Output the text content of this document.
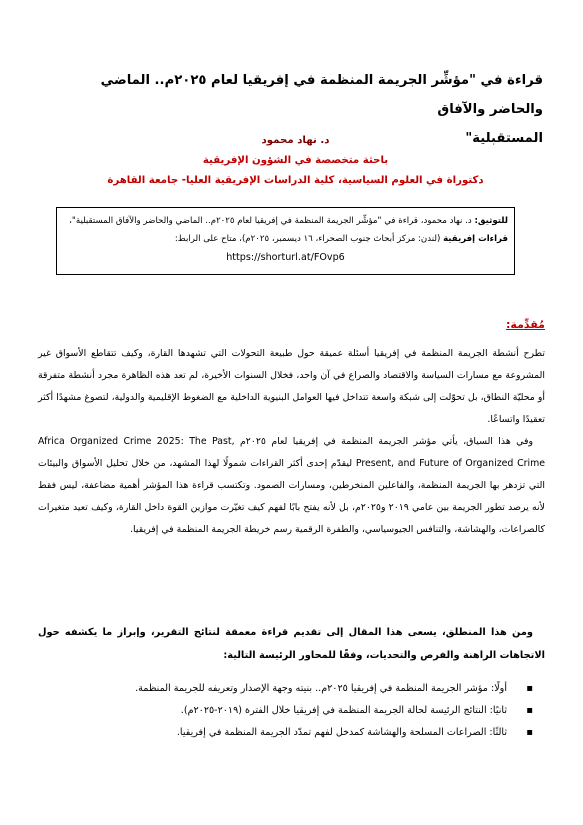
قراءة في "مؤشِّر الجريمة المنظمة في إفريقيا لعام ٢٠٢٥م.. الماضي والحاضر والآفاق
المستقبلية"
د. نهاد محمود
باحثة متخصصة في الشؤون الإفريقية
دكتوراة في العلوم السياسية، كلية الدراسات الإفريقية العليا- جامعة القاهرة
للتوثيق: د. نهاد محمود، قراءة في "مؤشِّر الجريمة المنظمة في إفريقيا لعام ٢٠٢٥م.. الماضي والحاضر والآفاق المستقبلية"، قراءات إفريقية (لندن: مركز أبحاث جنوب الصحراء، ١٦ ديسمبر، ٢٠٢٥م)، متاح على الرابط:
https://shorturl.at/FOvp6
مُقدِّمة:

تطرح أنشطة الجريمة المنظمة في إفريقيا أسئلة عميقة حول طبيعة التحولات التي تشهدها القارة، وكيف تتقاطع الأسواق غير المشروعة مع مسارات السياسة والاقتصاد والصراع في آن واحد، فخلال السنوات الأخيرة، لم تعد هذه الظاهرة مجرد أنشطة متفرقة أو محليّة النطاق، بل تحوّلت إلى شبكة واسعة تتداخل فيها العوامل البنيوية الداخلية مع الضغوط الإقليمية والدولية، لتصوغ مشهدًا أكثر تعقيدًا واتساعًا.

وفي هذا السياق، يأتي مؤشر الجريمة المنظمة في إفريقيا لعام ٢٠٢٥م Africa Organized Crime 2025: The Past, Present, and Future of Organized Crime ليقدّم إحدى أكثر القراءات شمولًا لهذا المشهد، من خلال تحليل الأسواق والبيئات التي تزدهر بها الجريمة المنظمة، والفاعلين المنخرطين، ومسارات الصمود. وتكتسب قراءة هذا المؤشر أهمية مضاعفة، ليس فقط لأنه يرصد تطور الجريمة بين عامي ٢٠١٩ و٢٠٢٥م، بل لأنه يفتح بابًا لفهم كيف تغيّرت موازين القوة داخل القارة، وكيف تعيد متغيرات كالصراعات، والهشاشة، والتنافس الجيوسياسي، والطفرة الرقمية رسم خريطة الجريمة المنظمة في إفريقيا.

ومن هذا المنطلق، يسعى هذا المقال إلى تقديم قراءة معمقة لنتائج التقرير، وإبراز ما يكشفه حول الاتجاهات الراهنة والفرص والتحديات، وفقًا للمحاور الرئيسة التالية:
▪
أولًا: مؤشر الجريمة المنظمة في إفريقيا ٢٠٢٥م.. بنيته وجهة الإصدار وتعريفه للجريمة المنظمة.
▪
ثانيًا: النتائج الرئيسة لحالة الجريمة المنظمة في إفريقيا خلال الفترة (٢٠١٩-٢٠٢٥م).
▪
ثالثًا: الصراعات المسلحة والهشاشة كمدخل لفهم تمدّد الجريمة المنظمة في إفريقيا.
